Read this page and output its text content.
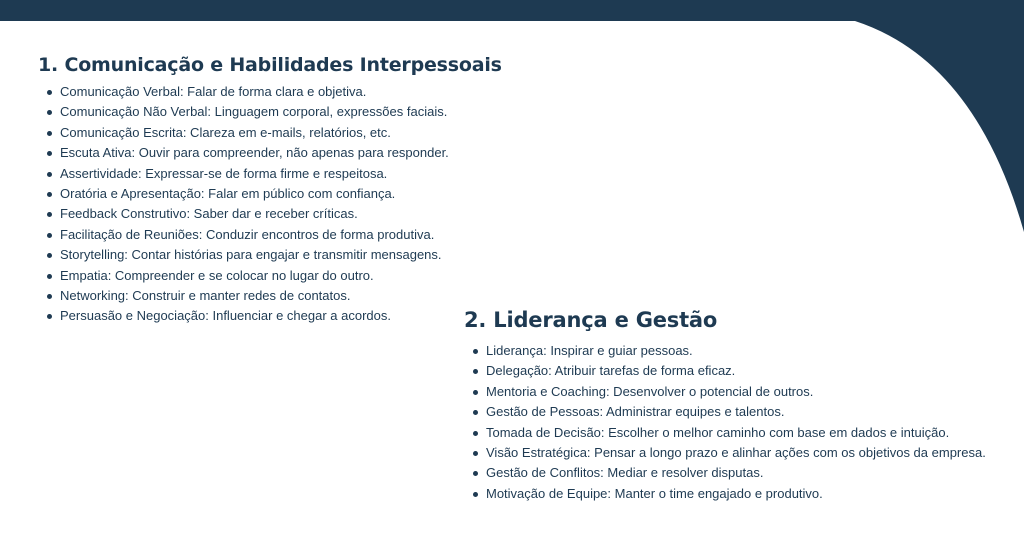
1. Comunicação e Habilidades Interpessoais
Comunicação Verbal: Falar de forma clara e objetiva.
Comunicação Não Verbal: Linguagem corporal, expressões faciais.
Comunicação Escrita: Clareza em e-mails, relatórios, etc.
Escuta Ativa: Ouvir para compreender, não apenas para responder.
Assertividade: Expressar-se de forma firme e respeitosa.
Oratória e Apresentação: Falar em público com confiança.
Feedback Construtivo: Saber dar e receber críticas.
Facilitação de Reuniões: Conduzir encontros de forma produtiva.
Storytelling: Contar histórias para engajar e transmitir mensagens.
Empatia: Compreender e se colocar no lugar do outro.
Networking: Construir e manter redes de contatos.
Persuasão e Negociação: Influenciar e chegar a acordos.	2. Liderança e Gestão
Liderança: Inspirar e guiar pessoas.
Delegação: Atribuir tarefas de forma eficaz.
Mentoria e Coaching: Desenvolver o potencial de outros.
Gestão de Pessoas: Administrar equipes e talentos.
Tomada de Decisão: Escolher o melhor caminho com base em dados e intuição.
Visão Estratégica: Pensar a longo prazo e alinhar ações com os objetivos da empresa.
Gestão de Conflitos: Mediar e resolver disputas.
Motivação de Equipe: Manter o time engajado e produtivo.
